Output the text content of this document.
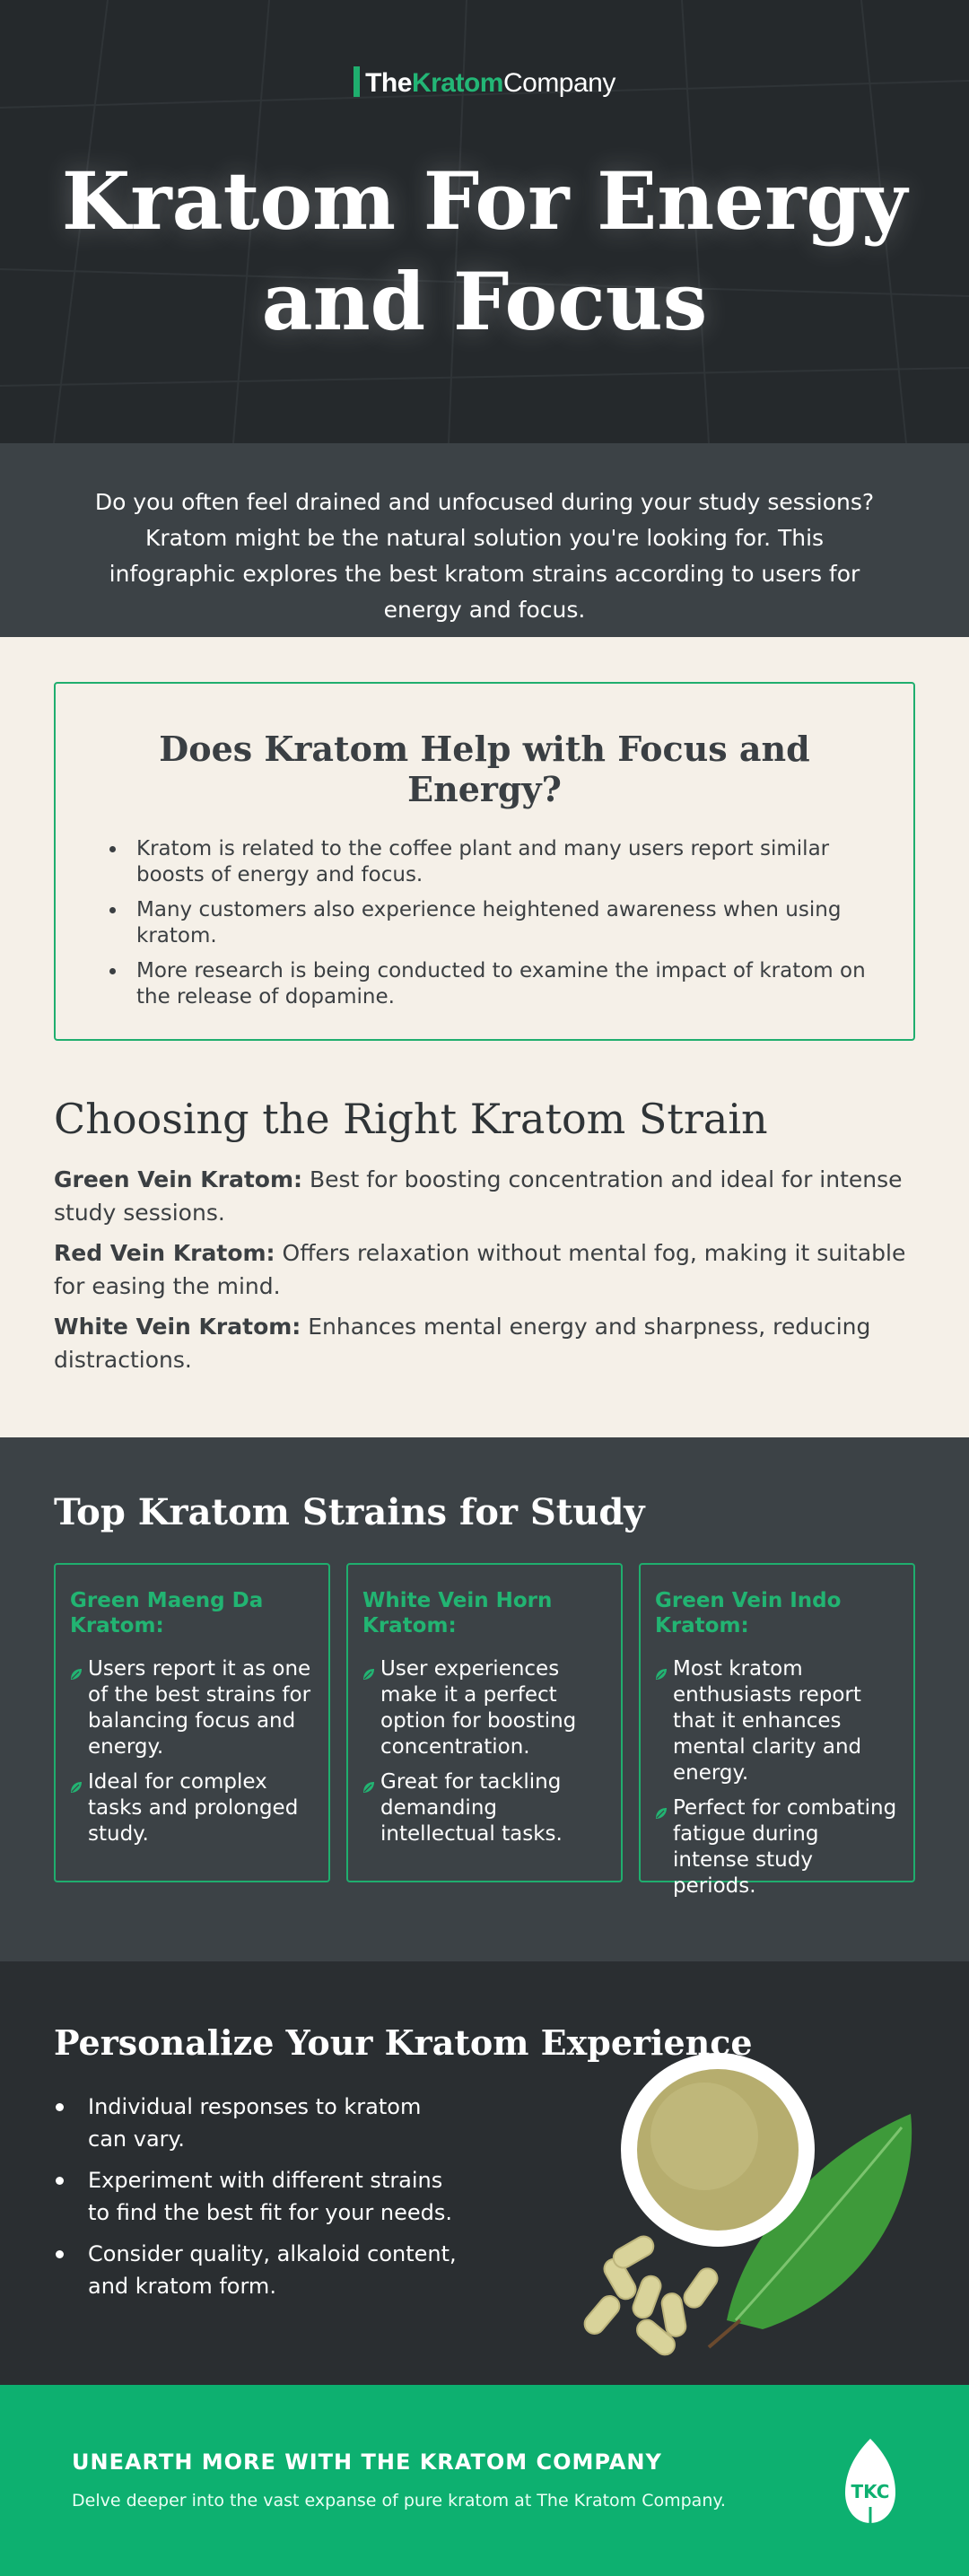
TheKratomCompany
Kratom For Energy
and Focus

Do you often feel drained and unfocused during your study sessions? Kratom might be the natural solution you're looking for. This infographic explores the best kratom strains according to users for energy and focus.

Does Kratom Help with Focus and Energy?
• Kratom is related to the coffee plant and many users report similar boosts of energy and focus.
• Many customers also experience heightened awareness when using kratom.
• More research is being conducted to examine the impact of kratom on the release of dopamine.
Choosing the Right Kratom Strain

Green Vein Kratom: Best for boosting concentration and ideal for intense study sessions.

Red Vein Kratom: Offers relaxation without mental fog, making it suitable for easing the mind.

White Vein Kratom: Enhances mental energy and sharpness, reducing distractions.

Top Kratom Strains for Study
Green Maeng Da Kratom:
Users report it as one of the best strains for balancing focus and energy.
Ideal for complex tasks and prolonged study.
White Vein Horn Kratom:
User experiences make it a perfect option for boosting concentration.
Great for tackling demanding intellectual tasks.
Green Vein Indo Kratom:
Most kratom enthusiasts report that it enhances mental clarity and energy.
Perfect for combating fatigue during intense study periods.
Personalize Your Kratom Experience
Individual responses to kratom can vary.
Experiment with different strains to find the best fit for your needs.
Consider quality, alkaloid content, and kratom form.
UNEARTH MORE WITH THE KRATOM COMPANY

Delve deeper into the vast expanse of pure kratom at The Kratom Company.	TKC
